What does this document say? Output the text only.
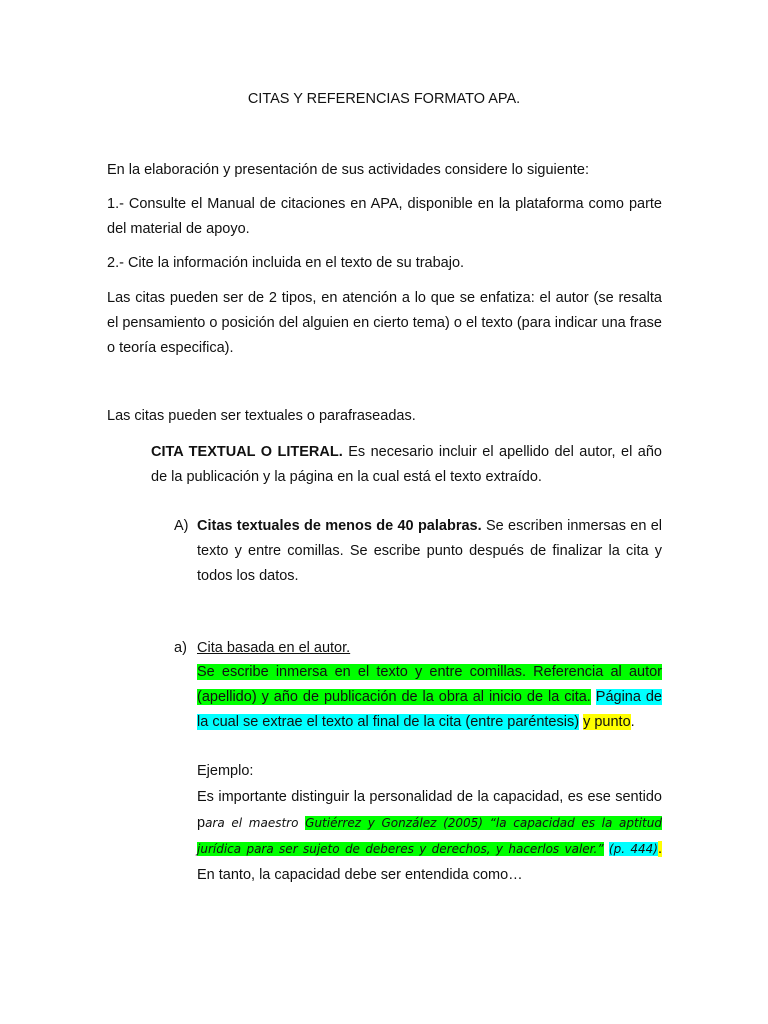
CITAS Y REFERENCIAS FORMATO APA.
En la elaboración y presentación de sus actividades considere lo siguiente:
1.- Consulte el Manual de citaciones en APA, disponible en la plataforma como parte del material de apoyo.
2.- Cite la información incluida en el texto de su trabajo.
Las citas pueden ser de 2 tipos, en atención a lo que se enfatiza: el autor (se resalta el pensamiento o posición del alguien en cierto tema) o el texto (para indicar una frase o teoría especifica).
Las citas pueden ser textuales o parafraseadas.
CITA TEXTUAL O LITERAL. Es necesario incluir el apellido del autor, el año de la publicación y la página en la cual está el texto extraído.
A) Citas textuales de menos de 40 palabras. Se escriben inmersas en el texto y entre comillas. Se escribe punto después de finalizar la cita y todos los datos.
a) Cita basada en el autor.
Se escribe inmersa en el texto y entre comillas. Referencia al autor (apellido) y año de publicación de la obra al inicio de la cita. Página de la cual se extrae el texto al final de la cita (entre paréntesis) y punto.
Ejemplo:
Es importante distinguir la personalidad de la capacidad, es ese sentido para el maestro Gutiérrez y González (2005) “la capacidad es la aptitud jurídica para ser sujeto de deberes y derechos, y hacerlos valer.” (p. 444). En tanto, la capacidad debe ser entendida como…
